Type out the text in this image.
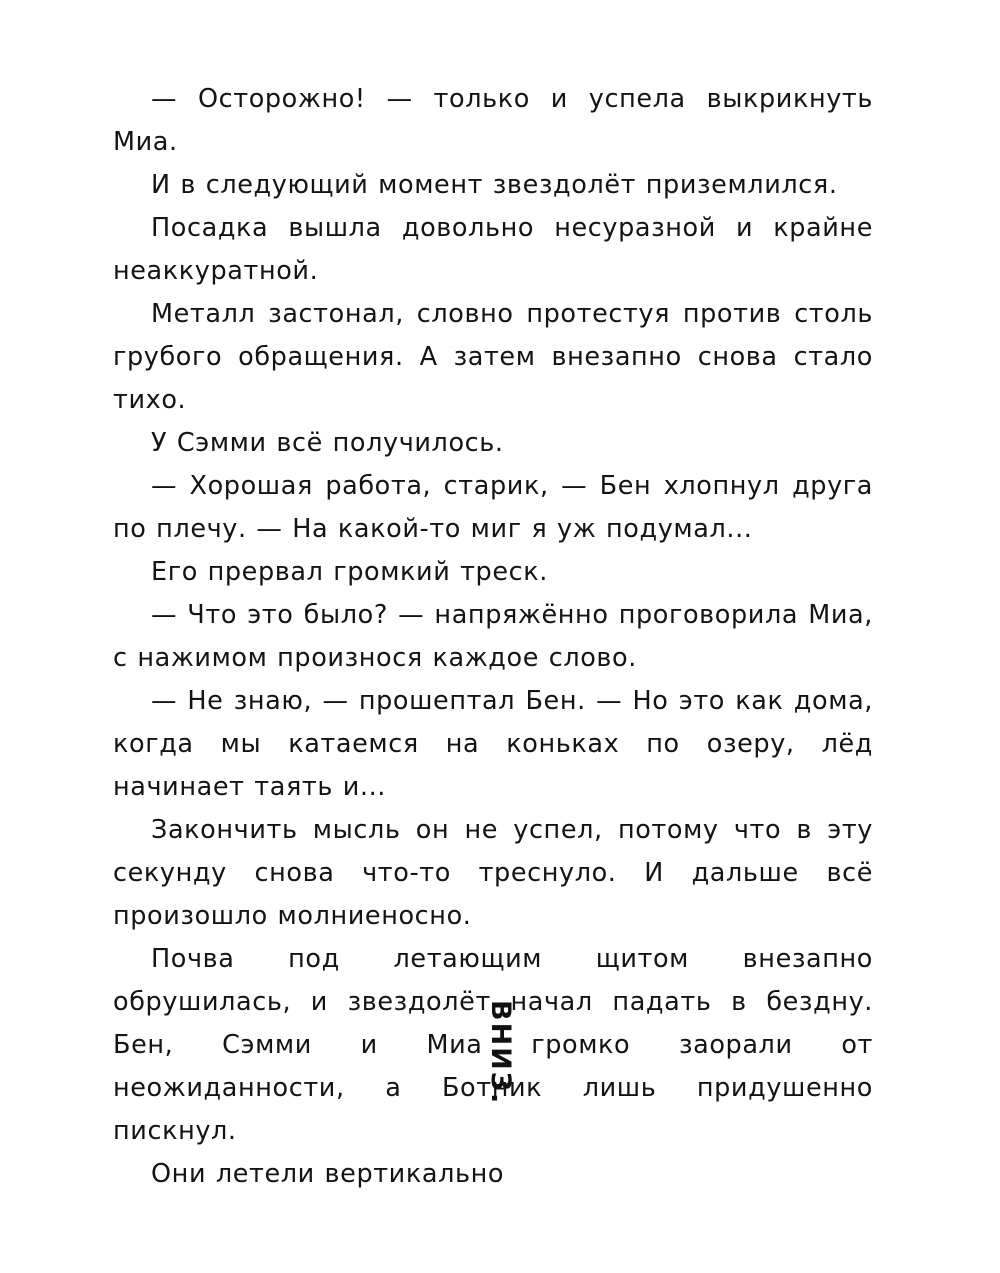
— Осторожно! — только и успела выкрикнуть Миа.

И в следующий момент звездолёт приземлился.

Посадка вышла довольно несуразной и крайне неаккуратной.

Металл застонал, словно протестуя против столь грубого обращения. А затем внезапно снова стало тихо.

У Сэмми всё получилось.

— Хорошая работа, старик, — Бен хлопнул друга по плечу. — На какой-то миг я уж подумал...

Его прервал громкий треск.

— Что это было? — напряжённо проговорила Миа, с нажимом произнося каждое слово.

— Не знаю, — прошептал Бен. — Но это как дома, когда мы катаемся на коньках по озеру, лёд начинает таять и...

Закончить мысль он не успел, потому что в эту секунду снова что-то треснуло. И дальше всё произошло молниеносно.

Почва под летающим щитом внезапно обрушилась, и звездолёт начал падать в бездну. Бен, Сэмми и Миа громко заорали от неожиданности, а Ботник лишь придушенно пискнул.

Они летели вертикально

ВНИЗ.
